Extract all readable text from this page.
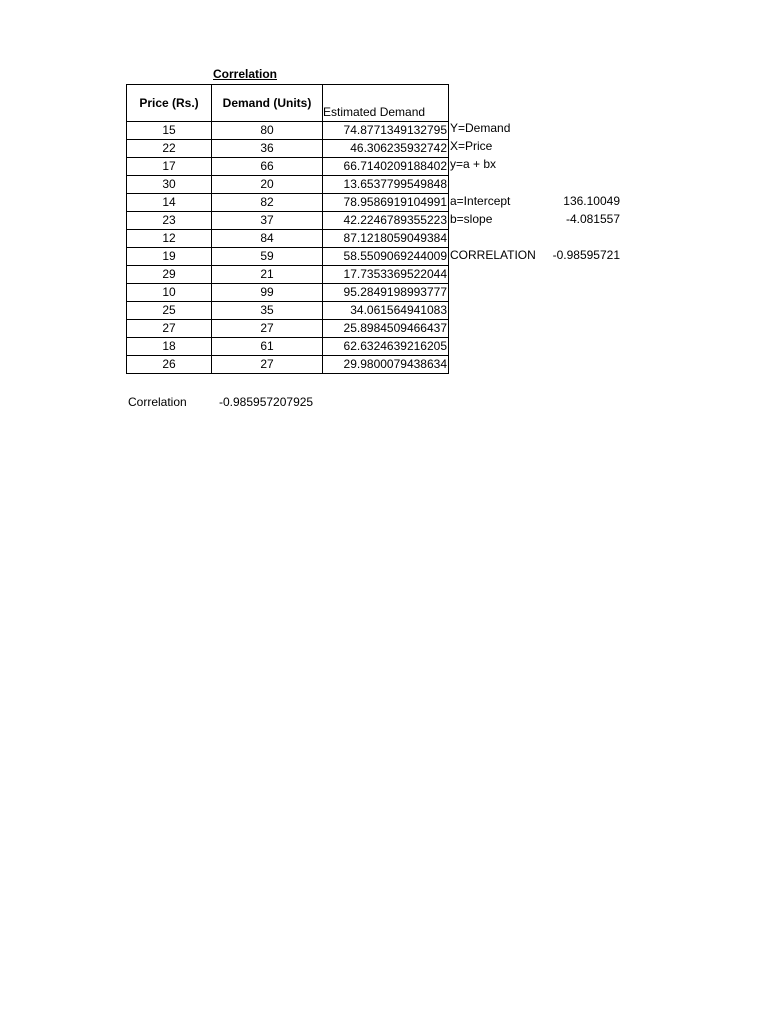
Correlation
Price (Rs.)	Demand (Units)	Estimated Demand
15	80	74.8771349132795
22	36	46.306235932742
17	66	66.7140209188402
30	20	13.6537799549848
14	82	78.9586919104991
23	37	42.2246789355223
12	84	87.1218059049384
19	59	58.5509069244009
29	21	17.7353369522044
10	99	95.2849198993777
25	35	34.061564941083
27	27	25.8984509466437
18	61	62.6324639216205
26	27	29.9800079438634
Y=Demand
X=Price
y=a + bx
a=Intercept	136.10049
b=slope	-4.081557
CORRELATION -0.98595721
Correlation	-0.985957207925
